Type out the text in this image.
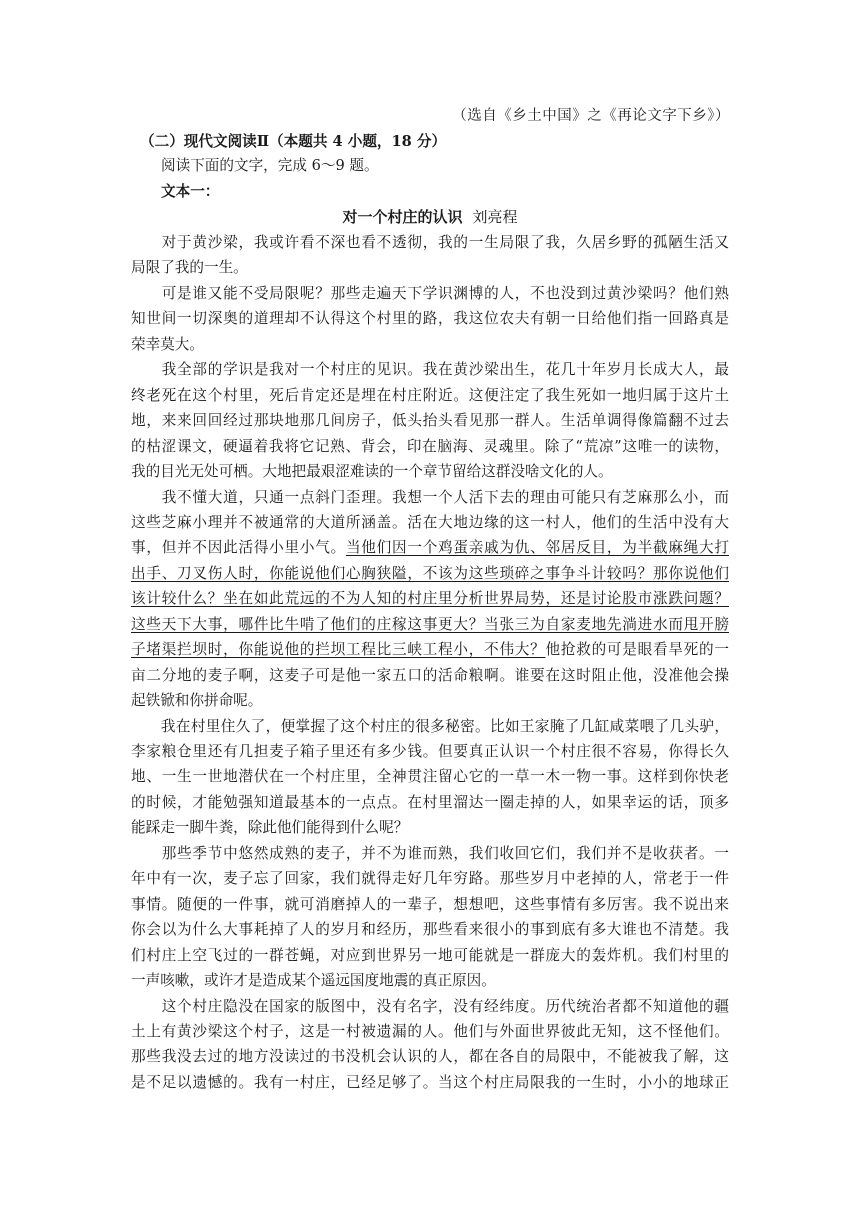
（选自《乡土中国》之《再论文字下乡》）
（二）现代文阅读Ⅱ（本题共 4 小题，18 分）
阅读下面的文字，完成 6～9 题。
文本一：
对一个村庄的认识 刘亮程
　　对于黄沙梁，我或许看不深也看不透彻，我的一生局限了我，久居乡野的孤陋生活又
局限了我的一生。
　　可是谁又能不受局限呢？那些走遍天下学识渊博的人，不也没到过黄沙梁吗？他们熟
知世间一切深奥的道理却不认得这个村里的路，我这位农夫有朝一日给他们指一回路真是
荣幸莫大。
　　我全部的学识是我对一个村庄的见识。我在黄沙梁出生，花几十年岁月长成大人，最
终老死在这个村里，死后肯定还是埋在村庄附近。这便注定了我生死如一地归属于这片土
地，来来回回经过那块地那几间房子，低头抬头看见那一群人。生活单调得像篇翻不过去
的枯涩课文，硬逼着我将它记熟、背会，印在脑海、灵魂里。除了“荒凉”这唯一的读物，
我的目光无处可栖。大地把最艰涩难读的一个章节留给这群没啥文化的人。
　　我不懂大道，只通一点斜门歪理。我想一个人活下去的理由可能只有芝麻那么小，而
这些芝麻小理并不被通常的大道所涵盖。活在大地边缘的这一村人，他们的生活中没有大
事，但并不因此活得小里小气。当他们因一个鸡蛋亲戚为仇、邻居反目，为半截麻绳大打
出手、刀叉伤人时，你能说他们心胸狭隘，不该为这些琐碎之事争斗计较吗？那你说他们
该计较什么？坐在如此荒远的不为人知的村庄里分析世界局势，还是讨论股市涨跌问题？
这些天下大事，哪件比牛啃了他们的庄稼这事更大？当张三为自家麦地先淌进水而甩开膀
子堵渠拦坝时，你能说他的拦坝工程比三峡工程小，不伟大？他抢救的可是眼看旱死的一
亩二分地的麦子啊，这麦子可是他一家五口的活命粮啊。谁要在这时阻止他，没准他会操
起铁锨和你拼命呢。
　　我在村里住久了，便掌握了这个村庄的很多秘密。比如王家腌了几缸咸菜喂了几头驴，
李家粮仓里还有几担麦子箱子里还有多少钱。但要真正认识一个村庄很不容易，你得长久
地、一生一世地潜伏在一个村庄里，全神贯注留心它的一草一木一物一事。这样到你快老
的时候，才能勉强知道最基本的一点点。在村里溜达一圈走掉的人，如果幸运的话，顶多
能踩走一脚牛粪，除此他们能得到什么呢？
　　那些季节中悠然成熟的麦子，并不为谁而熟，我们收回它们，我们并不是收获者。一
年中有一次，麦子忘了回家，我们就得走好几年穷路。那些岁月中老掉的人，常老于一件
事情。随便的一件事，就可消磨掉人的一辈子，想想吧，这些事情有多厉害。我不说出来
你会以为什么大事耗掉了人的岁月和经历，那些看来很小的事到底有多大谁也不清楚。我
们村庄上空飞过的一群苍蝇，对应到世界另一地可能就是一群庞大的轰炸机。我们村里的
一声咳嗽，或许才是造成某个遥远国度地震的真正原因。
　　这个村庄隐没在国家的版图中，没有名字，没有经纬度。历代统治者都不知道他的疆
土上有黄沙梁这个村子，这是一村被遗漏的人。他们与外面世界彼此无知，这不怪他们。
那些我没去过的地方没读过的书没机会认识的人，都在各自的局限中，不能被我了解，这
是不足以遗憾的。我有一村庄，已经足够了。当这个村庄局限我的一生时，小小的地球正
